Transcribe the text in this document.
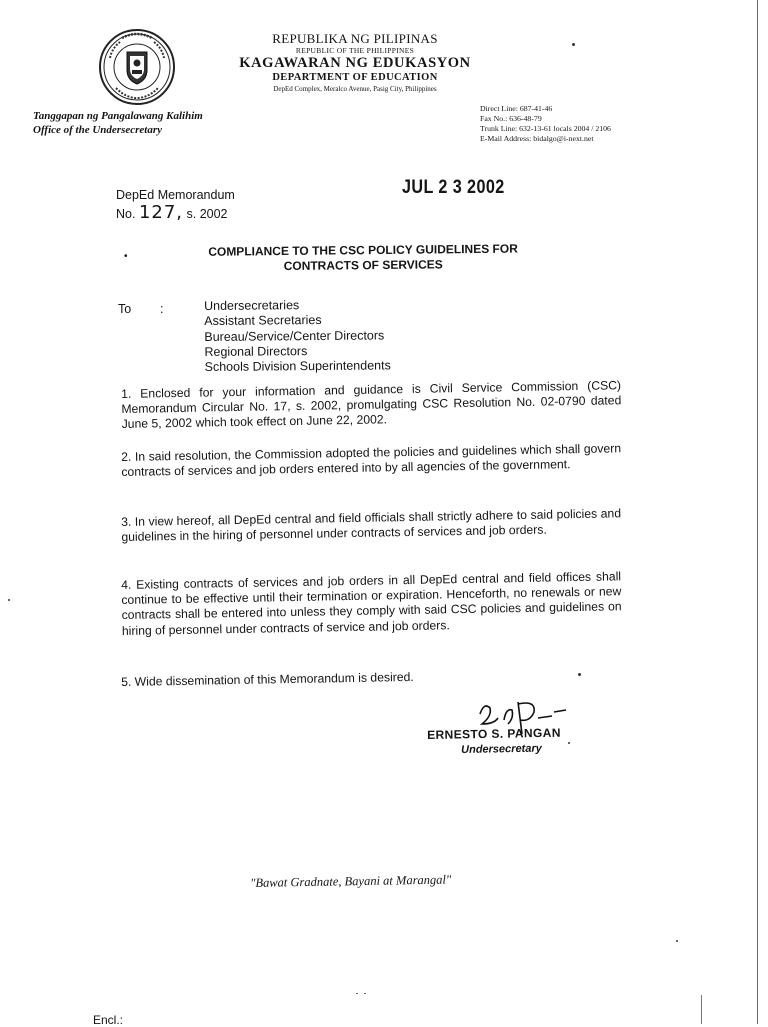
REPUBLIKA NG PILIPINAS
REPUBLIC OF THE PHILIPPINES
KAGAWARAN NG EDUKASYON
DEPARTMENT OF EDUCATION
DepEd Complex, Meralco Avenue, Pasig City, Philippines
Tanggapan ng Pangalawang Kalihim
Office of the Undersecretary
Direct Line: 687-41-46
Fax No.: 636-48-79
Trunk Line: 632-13-61 locals 2004 / 2106
E-Mail Address: bidalgo@i-next.net
JUL 2 3 2002
DepEd Memorandum
No. 127, s. 2002
•	COMPLIANCE TO THE CSC POLICY GUIDELINES FOR
CONTRACTS OF SERVICES
To :	Undersecretaries
Assistant Secretaries
Bureau/Service/Center Directors
Regional Directors
Schools Division Superintendents
1. Enclosed for your information and guidance is Civil Service Commission (CSC) Memorandum Circular No. 17, s. 2002, promulgating CSC Resolution No. 02-0790 dated June 5, 2002 which took effect on June 22, 2002.
2. In said resolution, the Commission adopted the policies and guidelines which shall govern contracts of services and job orders entered into by all agencies of the government.
3. In view hereof, all DepEd central and field officials shall strictly adhere to said policies and guidelines in the hiring of personnel under contracts of services and job orders.
4. Existing contracts of services and job orders in all DepEd central and field offices shall continue to be effective until their termination or expiration. Henceforth, no renewals or new contracts shall be entered into unless they comply with said CSC policies and guidelines on hiring of personnel under contracts of service and job orders.
5. Wide dissemination of this Memorandum is desired.
ERNESTO S. PANGAN
Undersecretary
"Bawat Gradnate, Bayani at Marangal"
Encl.:
